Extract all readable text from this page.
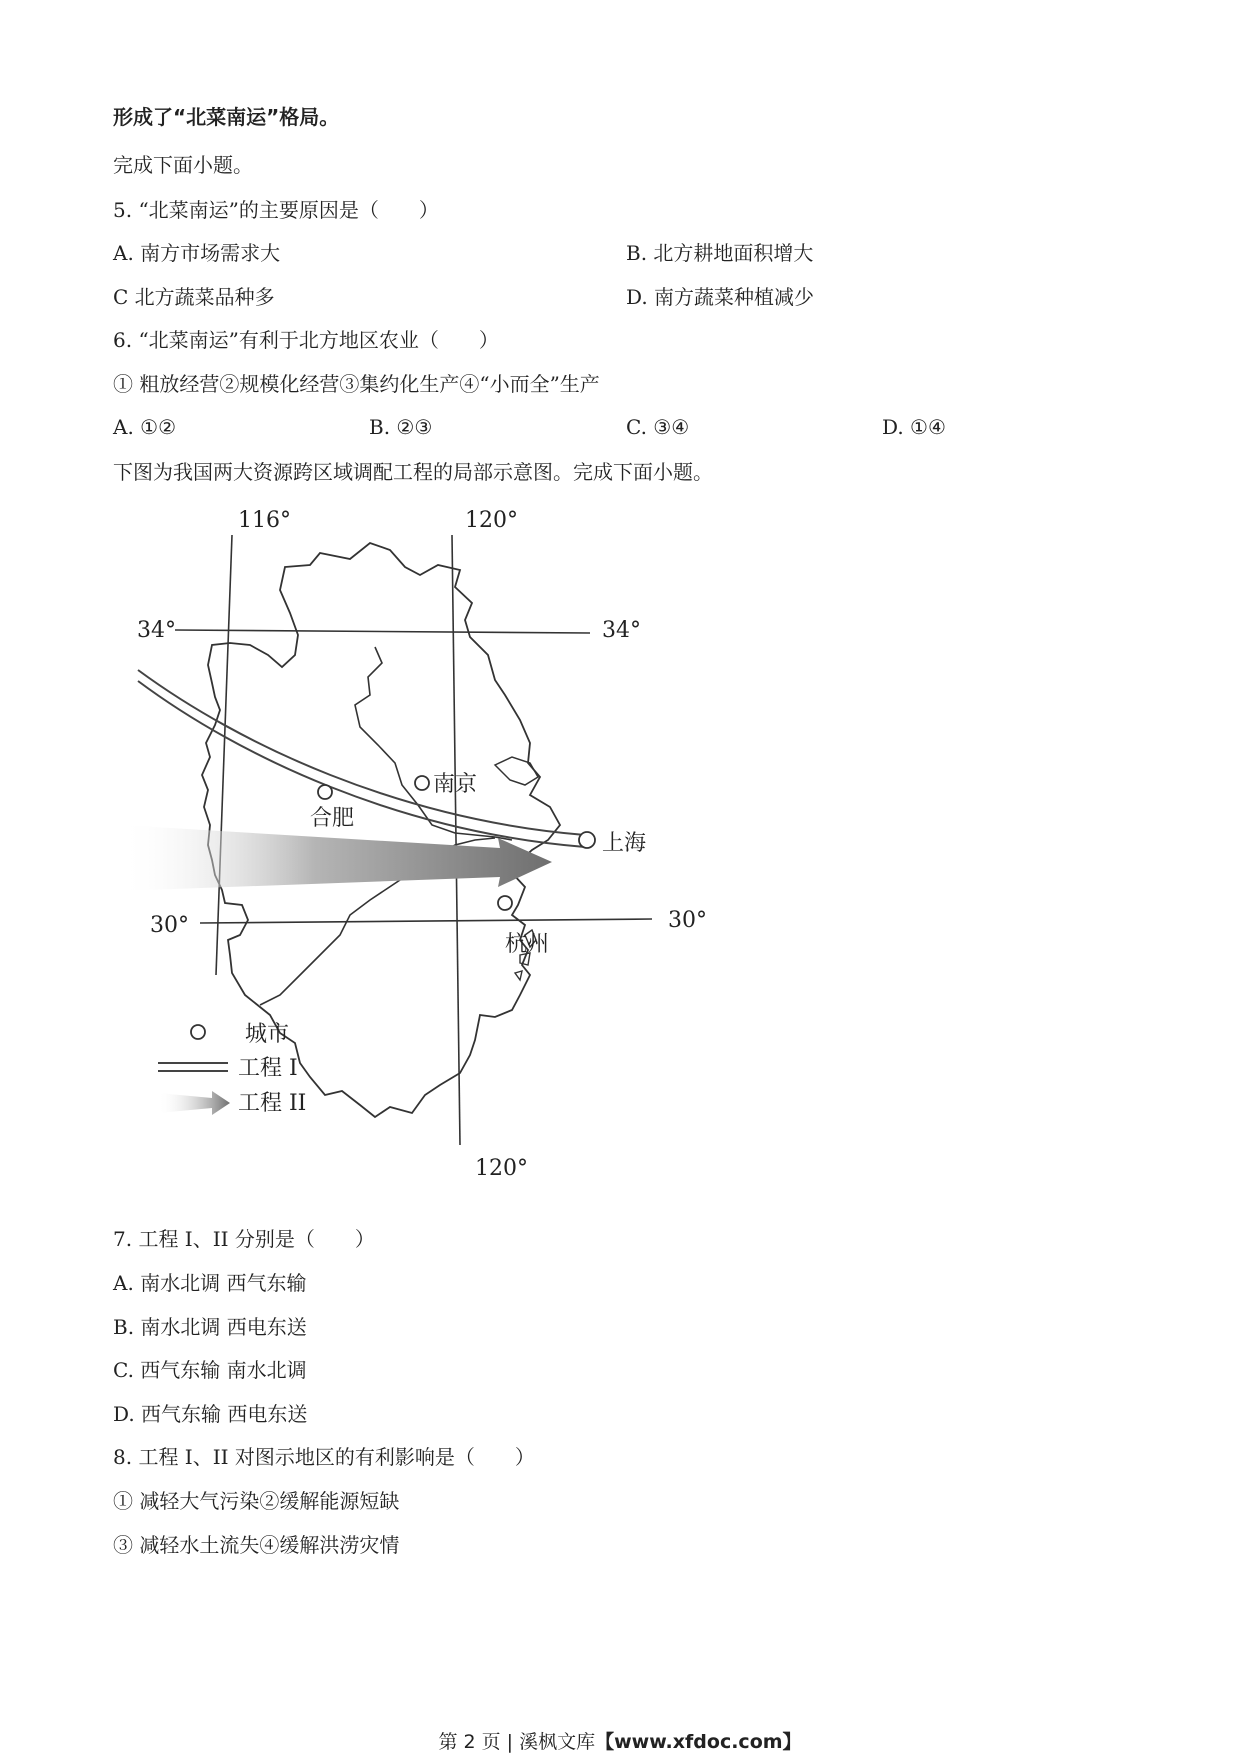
形成了“北菜南运”格局。
完成下面小题。
5. “北菜南运”的主要原因是（　　）
A. 南方市场需求大	B. 北方耕地面积增大
C 北方蔬菜品种多	D. 南方蔬菜种植减少
6. “北菜南运”有利于北方地区农业（　　）
① 粗放经营②规模化经营③集约化生产④“小而全”生产
A. ①②	B. ②③	C. ③④	D. ①④
下图为我国两大资源跨区域调配工程的局部示意图。完成下面小题。
116°	120°
120°
34°	34°
30°	30°
南京
合肥
上海
杭州
城市
工程 I
工程 II
7. 工程 I、II 分别是（　　）
A. 南水北调 西气东输
B. 南水北调 西电东送
C. 西气东输 南水北调
D. 西气东输 西电东送
8. 工程 I、II 对图示地区的有利影响是（　　）
① 减轻大气污染②缓解能源短缺
③ 减轻水土流失④缓解洪涝灾情
第 2 页 | 溪枫文库【www.xfdoc.com】
